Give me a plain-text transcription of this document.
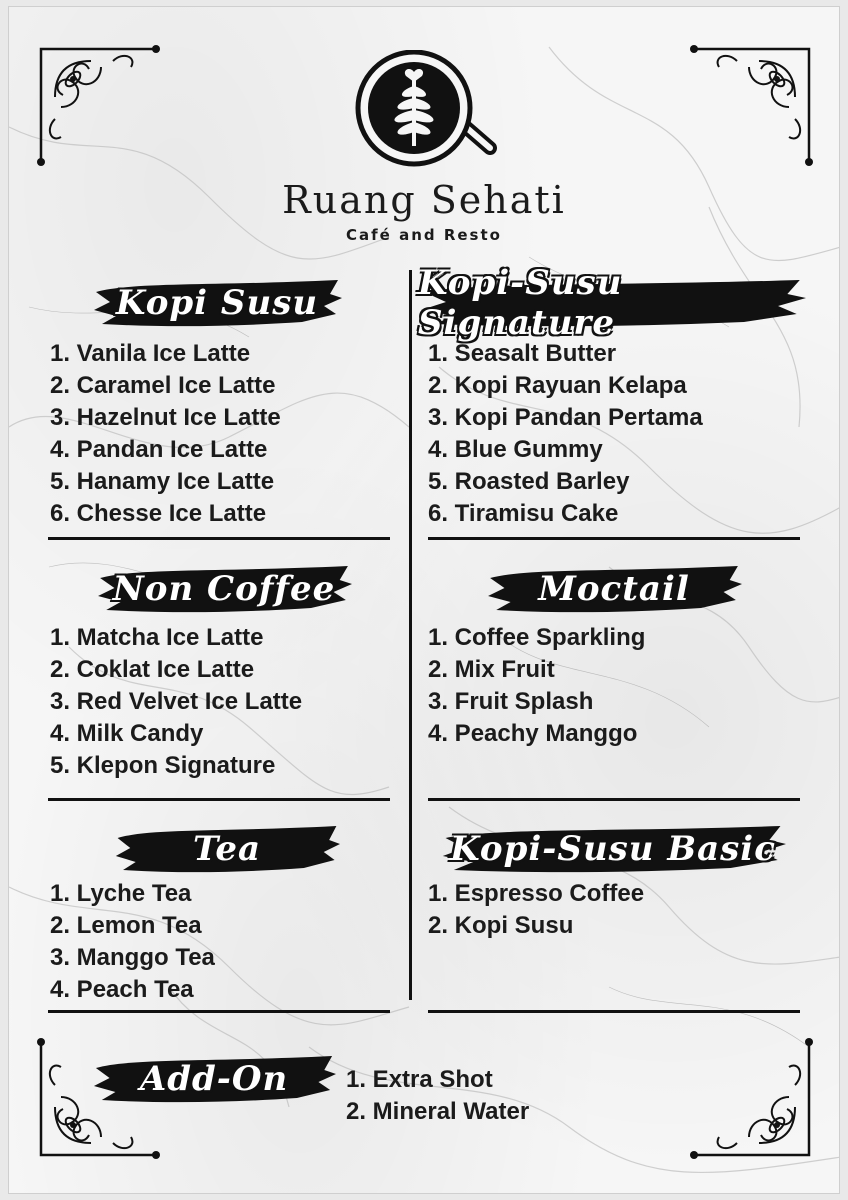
Ruang Sehati
Café and Resto
Kopi Susu
1. Vanila Ice Latte
2. Caramel Ice Latte
3. Hazelnut Ice Latte
4. Pandan Ice Latte
5. Hanamy Ice Latte
6. Chesse Ice Latte
Kopi-Susu Signature
1. Seasalt Butter
2. Kopi Rayuan Kelapa
3. Kopi Pandan Pertama
4. Blue Gummy
5. Roasted Barley
6. Tiramisu Cake
Non Coffee
1. Matcha Ice Latte
2. Coklat Ice Latte
3. Red Velvet Ice Latte
4. Milk Candy
5. Klepon Signature
Moctail
1. Coffee Sparkling
2. Mix Fruit
3. Fruit Splash
4. Peachy Manggo
Tea
1. Lyche Tea
2. Lemon Tea
3. Manggo Tea
4. Peach Tea
Kopi-Susu Basic
1. Espresso Coffee
2. Kopi Susu
Add-On	1. Extra Shot
2. Mineral Water
